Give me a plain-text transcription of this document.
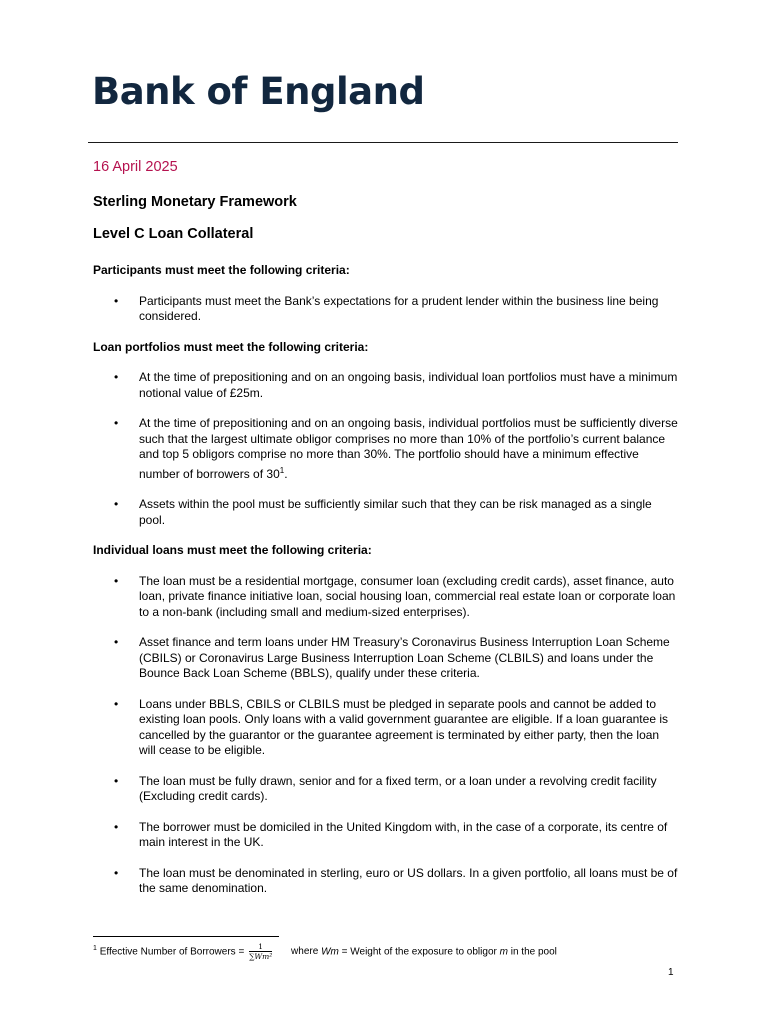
Bank of England

16 April 2025

Sterling Monetary Framework

Level C Loan Collateral

Participants must meet the following criteria:

• Participants must meet the Bank’s expectations for a prudent lender within the business line being considered.

Loan portfolios must meet the following criteria:

• At the time of prepositioning and on an ongoing basis, individual loan portfolios must have a minimum notional value of £25m.
• At the time of prepositioning and on an ongoing basis, individual portfolios must be sufficiently diverse such that the largest ultimate obligor comprises no more than 10% of the portfolio’s current balance and top 5 obligors comprise no more than 30%. The portfolio should have a minimum effective number of borrowers of $30^1$.
• Assets within the pool must be sufficiently similar such that they can be risk managed as a single pool.

Individual loans must meet the following criteria:

• The loan must be a residential mortgage, consumer loan (excluding credit cards), asset finance, auto loan, private finance initiative loan, social housing loan, commercial real estate loan or corporate loan to a non-bank (including small and medium-sized enterprises).
• Asset finance and term loans under HM Treasury’s Coronavirus Business Interruption Loan Scheme (CBILS) or Coronavirus Large Business Interruption Loan Scheme (CLBILS) and loans under the Bounce Back Loan Scheme (BBLS), qualify under these criteria.
• Loans under BBLS, CBILS or CLBILS must be pledged in separate pools and cannot be added to existing loan pools. Only loans with a valid government guarantee are eligible. If a loan guarantee is cancelled by the guarantor or the guarantee agreement is terminated by either party, then the loan will cease to be eligible.
• The loan must be fully drawn, senior and for a fixed term, or a loan under a revolving credit facility (Excluding credit cards).
• The borrower must be domiciled in the United Kingdom with, in the case of a corporate, its centre of main interest in the UK.
• The loan must be denominated in sterling, euro or US dollars. In a given portfolio, all loans must be of the same denomination.
$^1$ Effective Number of Borrowers = $\frac{1}{\text{∑Wm²}}$ where Wm = Weight of the exposure to obligor m in the pool
1
